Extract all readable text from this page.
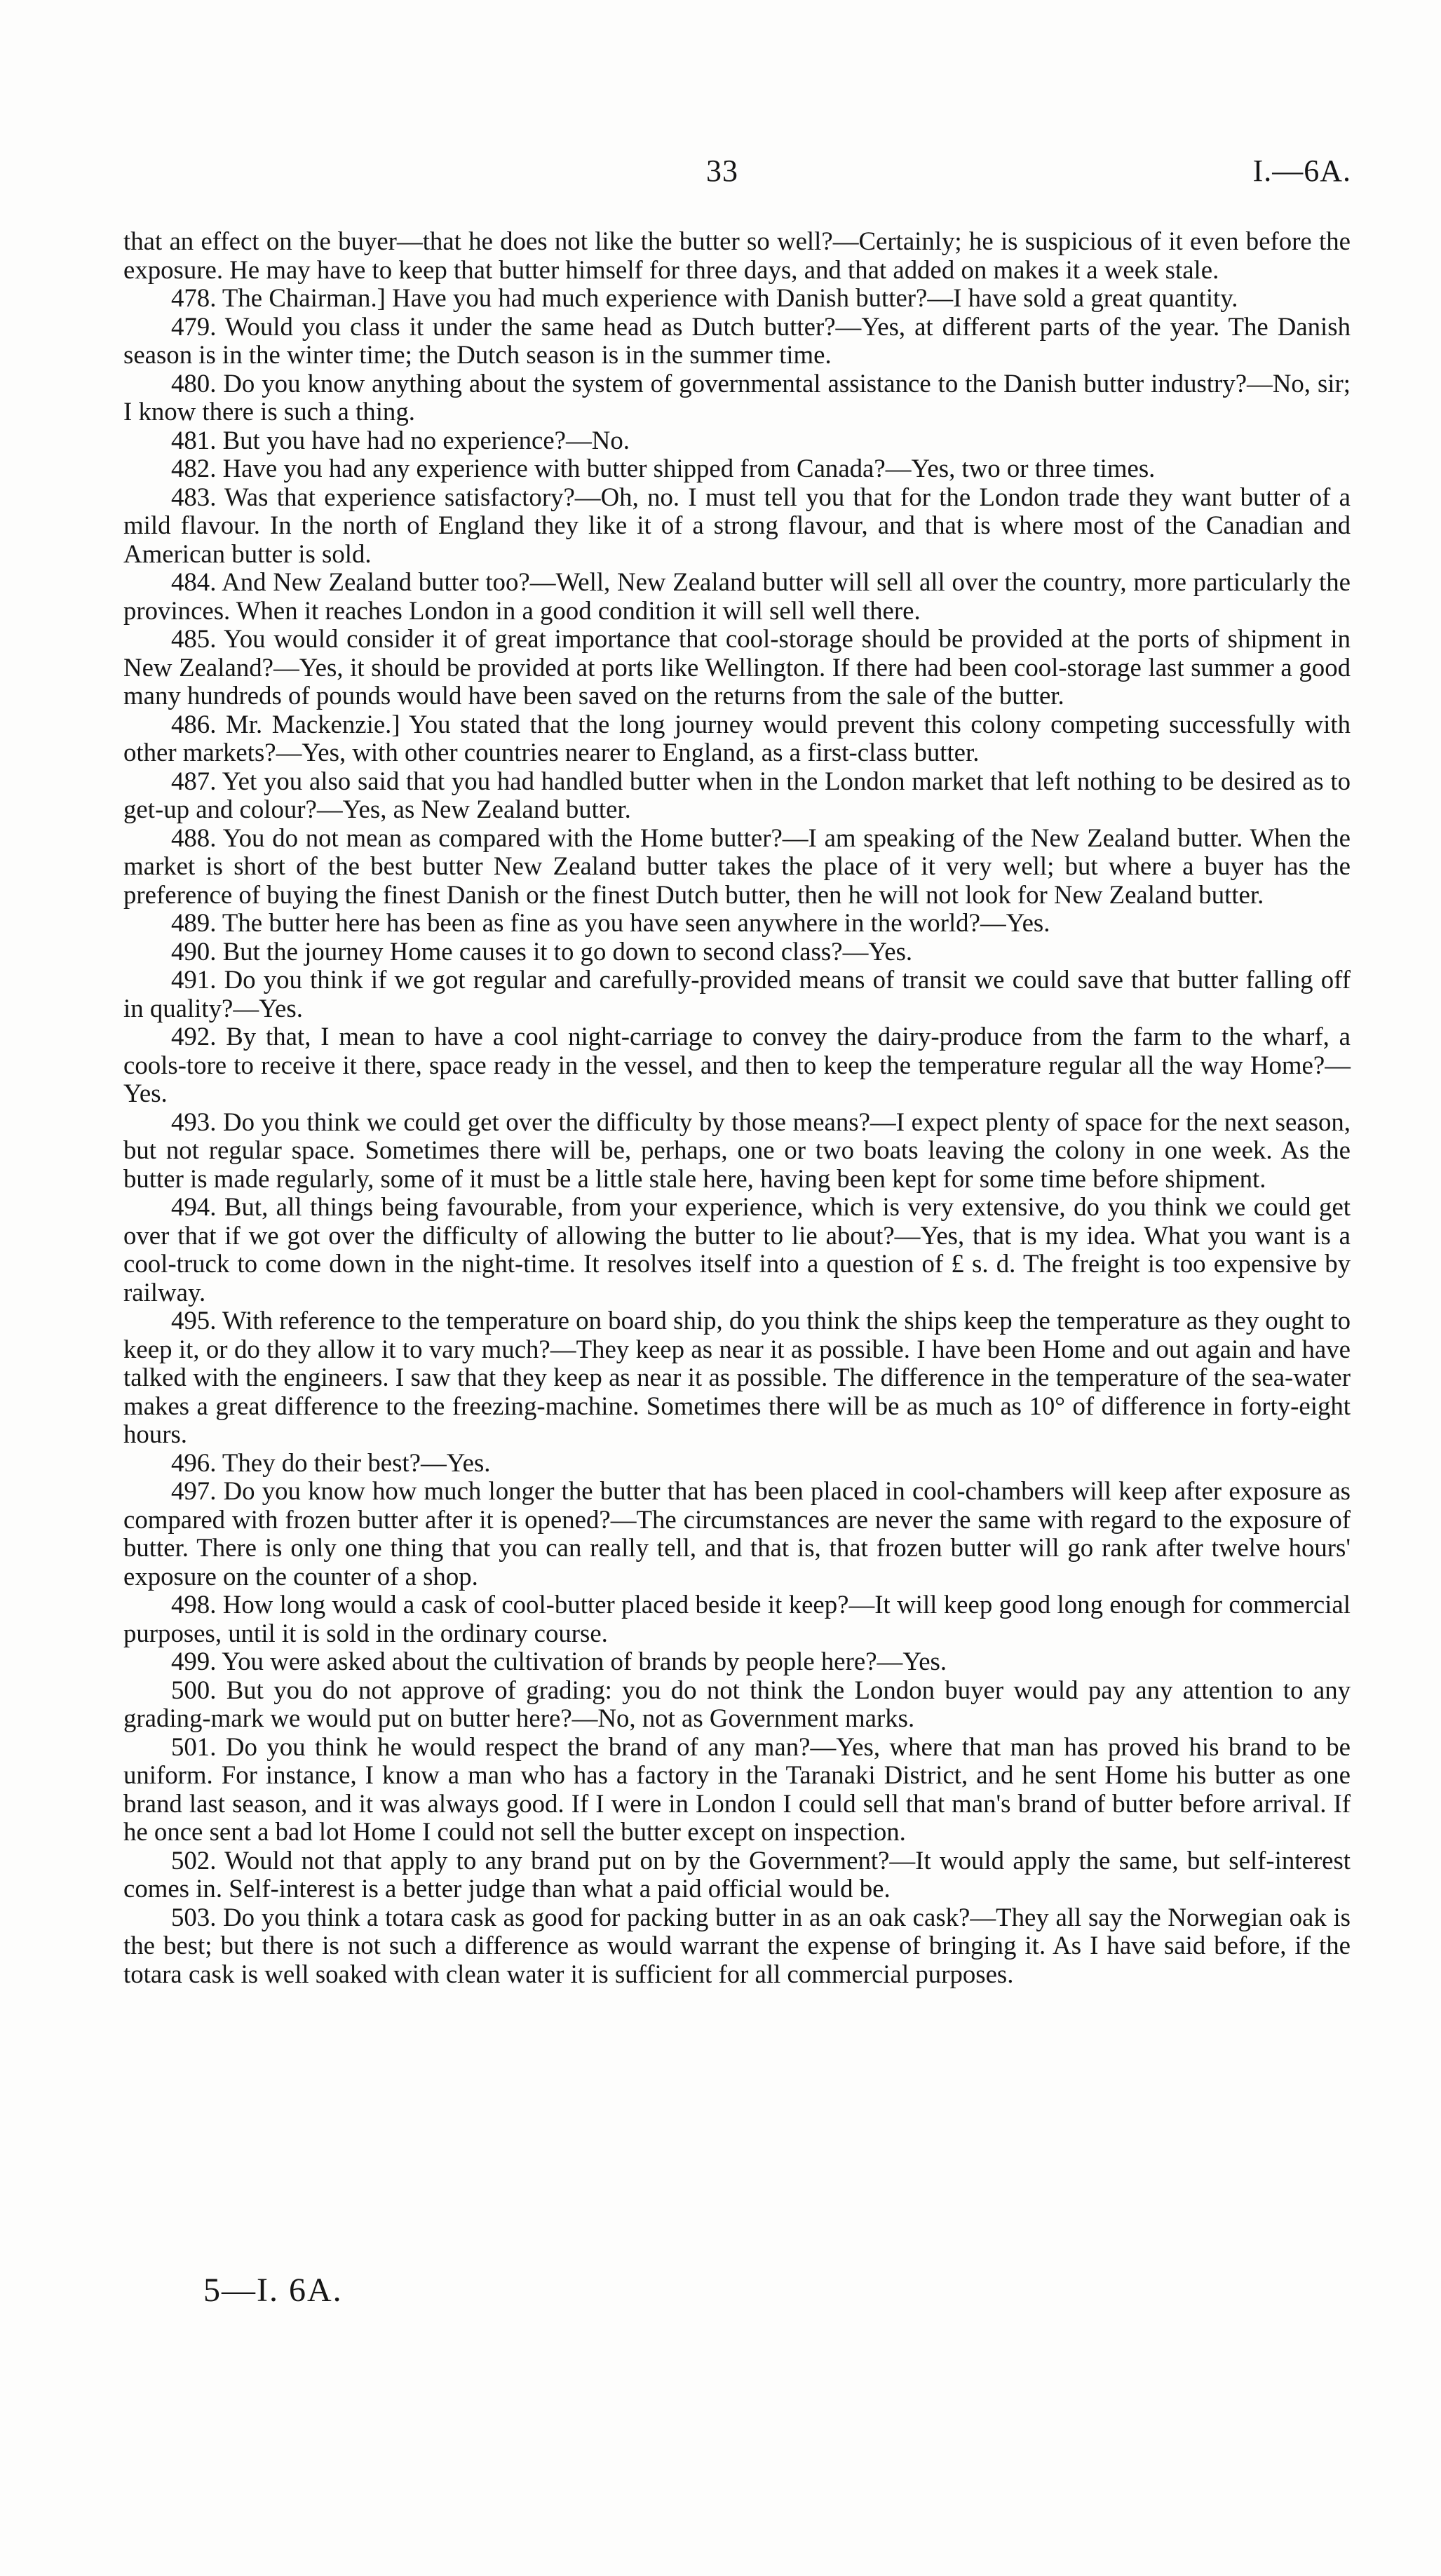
33	I.—6A.

that an effect on the buyer—that he does not like the butter so well?—Certainly; he is suspicious of it even before the exposure. He may have to keep that butter himself for three days, and that added on makes it a week stale.

478. The Chairman.] Have you had much experience with Danish butter?—I have sold a great quantity.

479. Would you class it under the same head as Dutch butter?—Yes, at different parts of the year. The Danish season is in the winter time; the Dutch season is in the summer time.

480. Do you know anything about the system of governmental assistance to the Danish butter industry?—No, sir; I know there is such a thing.

481. But you have had no experience?—No.

482. Have you had any experience with butter shipped from Canada?—Yes, two or three times.

483. Was that experience satisfactory?—Oh, no. I must tell you that for the London trade they want butter of a mild flavour. In the north of England they like it of a strong flavour, and that is where most of the Canadian and American butter is sold.

484. And New Zealand butter too?—Well, New Zealand butter will sell all over the country, more particularly the provinces. When it reaches London in a good condition it will sell well there.

485. You would consider it of great importance that cool-storage should be provided at the ports of shipment in New Zealand?—Yes, it should be provided at ports like Wellington. If there had been cool-storage last summer a good many hundreds of pounds would have been saved on the returns from the sale of the butter.

486. Mr. Mackenzie.] You stated that the long journey would prevent this colony competing successfully with other markets?—Yes, with other countries nearer to England, as a first-class butter.

487. Yet you also said that you had handled butter when in the London market that left nothing to be desired as to get-up and colour?—Yes, as New Zealand butter.

488. You do not mean as compared with the Home butter?—I am speaking of the New Zealand butter. When the market is short of the best butter New Zealand butter takes the place of it very well; but where a buyer has the preference of buying the finest Danish or the finest Dutch butter, then he will not look for New Zealand butter.

489. The butter here has been as fine as you have seen anywhere in the world?—Yes.

490. But the journey Home causes it to go down to second class?—Yes.

491. Do you think if we got regular and carefully-provided means of transit we could save that butter falling off in quality?—Yes.

492. By that, I mean to have a cool night-carriage to convey the dairy-produce from the farm to the wharf, a cools-tore to receive it there, space ready in the vessel, and then to keep the temperature regular all the way Home?—Yes.

493. Do you think we could get over the difficulty by those means?—I expect plenty of space for the next season, but not regular space. Sometimes there will be, perhaps, one or two boats leaving the colony in one week. As the butter is made regularly, some of it must be a little stale here, having been kept for some time before shipment.

494. But, all things being favourable, from your experience, which is very extensive, do you think we could get over that if we got over the difficulty of allowing the butter to lie about?—Yes, that is my idea. What you want is a cool-truck to come down in the night-time. It resolves itself into a question of £ s. d. The freight is too expensive by railway.

495. With reference to the temperature on board ship, do you think the ships keep the temperature as they ought to keep it, or do they allow it to vary much?—They keep as near it as possible. I have been Home and out again and have talked with the engineers. I saw that they keep as near it as possible. The difference in the temperature of the sea-water makes a great difference to the freezing-machine. Sometimes there will be as much as 10° of difference in forty-eight hours.

496. They do their best?—Yes.

497. Do you know how much longer the butter that has been placed in cool-chambers will keep after exposure as compared with frozen butter after it is opened?—The circumstances are never the same with regard to the exposure of butter. There is only one thing that you can really tell, and that is, that frozen butter will go rank after twelve hours' exposure on the counter of a shop.

498. How long would a cask of cool-butter placed beside it keep?—It will keep good long enough for commercial purposes, until it is sold in the ordinary course.

499. You were asked about the cultivation of brands by people here?—Yes.

500. But you do not approve of grading: you do not think the London buyer would pay any attention to any grading-mark we would put on butter here?—No, not as Government marks.

501. Do you think he would respect the brand of any man?—Yes, where that man has proved his brand to be uniform. For instance, I know a man who has a factory in the Taranaki District, and he sent Home his butter as one brand last season, and it was always good. If I were in London I could sell that man's brand of butter before arrival. If he once sent a bad lot Home I could not sell the butter except on inspection.

502. Would not that apply to any brand put on by the Government?—It would apply the same, but self-interest comes in. Self-interest is a better judge than what a paid official would be.

503. Do you think a totara cask as good for packing butter in as an oak cask?—They all say the Norwegian oak is the best; but there is not such a difference as would warrant the expense of bringing it. As I have said before, if the totara cask is well soaked with clean water it is sufficient for all commercial purposes.

5—I. 6A.
